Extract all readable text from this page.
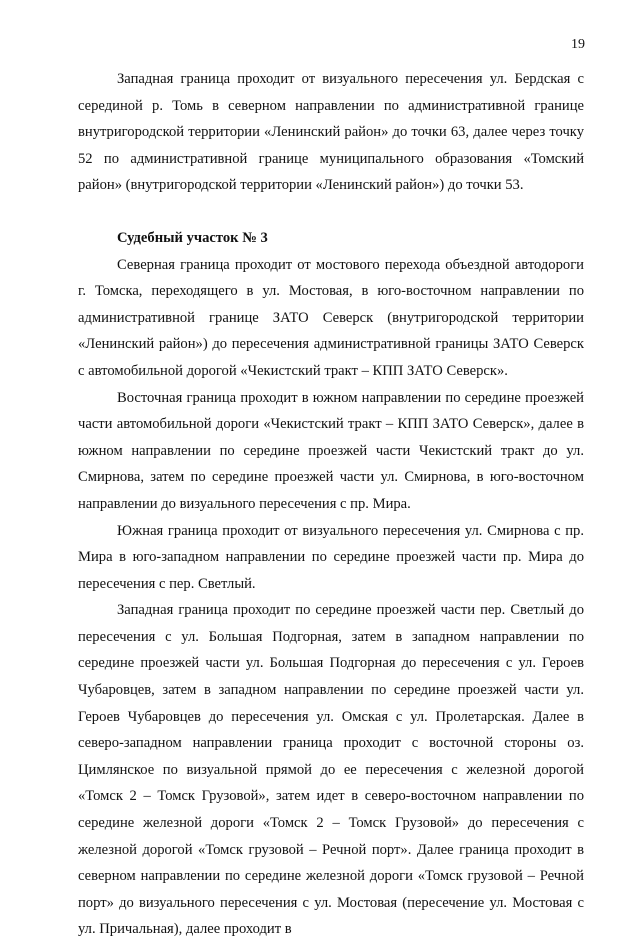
19

Западная граница проходит от визуального пересечения ул. Бердская с серединой р. Томь в северном направлении по административной границе внутригородской территории «Ленинский район» до точки 63, далее через точку 52 по административной границе муниципального образования «Томский район» (внутригородской территории «Ленинский район») до точки 53.

Судебный участок № 3

Северная граница проходит от мостового перехода объездной автодороги г. Томска, переходящего в ул. Мостовая, в юго-восточном направлении по административной границе ЗАТО Северск (внутригородской территории «Ленинский район») до пересечения административной границы ЗАТО Северск с автомобильной дорогой «Чекистский тракт – КПП ЗАТО Северск».

Восточная граница проходит в южном направлении по середине проезжей части автомобильной дороги «Чекистский тракт – КПП ЗАТО Северск», далее в южном направлении по середине проезжей части Чекистский тракт до ул. Смирнова, затем по середине проезжей части ул. Смирнова, в юго-восточном направлении до визуального пересечения с пр. Мира.

Южная граница проходит от визуального пересечения ул. Смирнова с пр. Мира в юго-западном направлении по середине проезжей части пр. Мира до пересечения с пер. Светлый.

Западная граница проходит по середине проезжей части пер. Светлый до пересечения с ул. Большая Подгорная, затем в западном направлении по середине проезжей части ул. Большая Подгорная до пересечения с ул. Героев Чубаровцев, затем в западном направлении по середине проезжей части ул. Героев Чубаровцев до пересечения ул. Омская с ул. Пролетарская. Далее в северо-западном направлении граница проходит с восточной стороны оз. Цимлянское по визуальной прямой до ее пересечения с железной дорогой «Томск 2 – Томск Грузовой», затем идет в северо-восточном направлении по середине железной дороги «Томск 2 – Томск Грузовой» до пересечения с железной дорогой «Томск грузовой – Речной порт». Далее граница проходит в северном направлении по середине железной дороги «Томск грузовой – Речной порт» до визуального пересечения с ул. Мостовая (пересечение ул. Мостовая с ул. Причальная), далее проходит в
